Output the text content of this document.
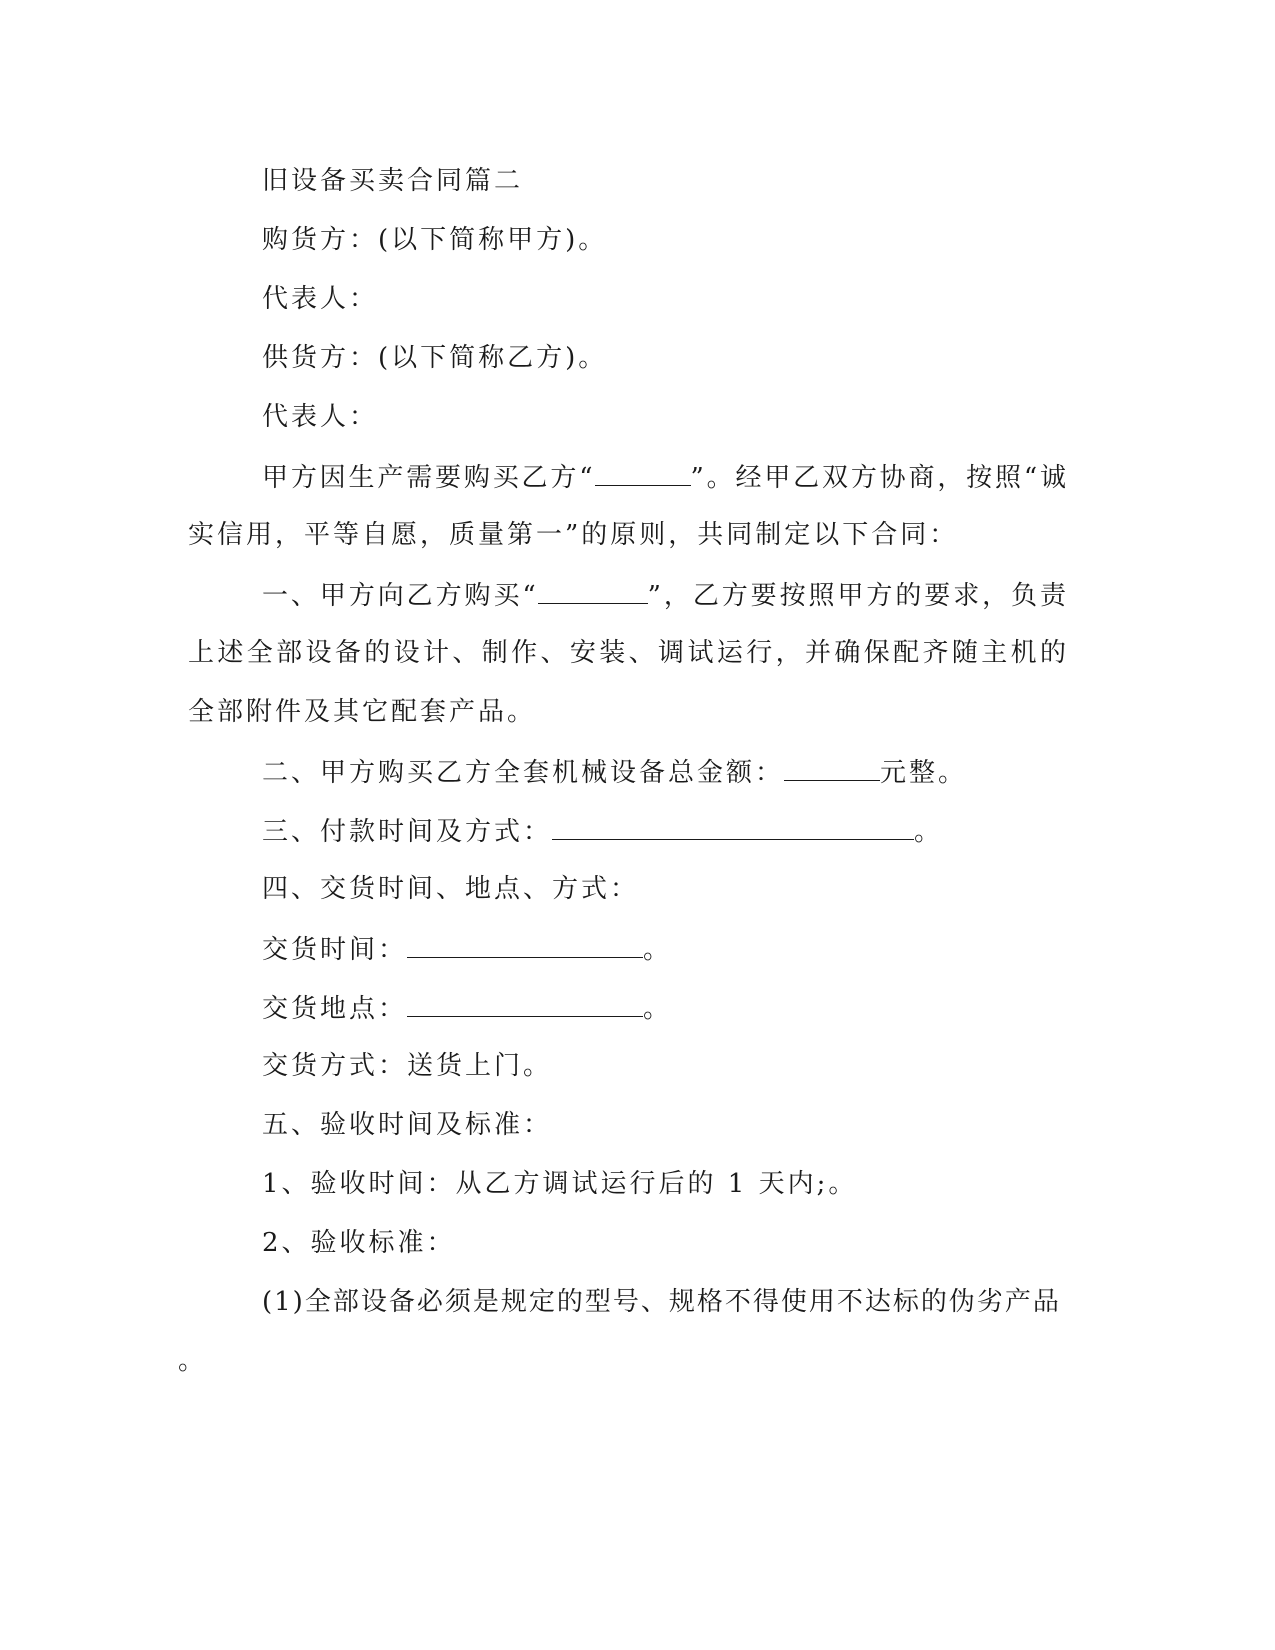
旧设备买卖合同篇二
购货方：(以下简称甲方)。
代表人：
供货方：(以下简称乙方)。
代表人：
甲方因生产需要购买乙方“	”。经甲乙双方协商，按照“诚
实信用，平等自愿，质量第一”的原则，共同制定以下合同：
一、甲方向乙方购买“	”，乙方要按照甲方的要求，负责
上述全部设备的设计、制作、安装、调试运行，并确保配齐随主机的
全部附件及其它配套产品。
二、甲方购买乙方全套机械设备总金额：	元整。
三、付款时间及方式：	。
四、交货时间、地点、方式：
交货时间：	。
交货地点：	。
交货方式：送货上门。
五、验收时间及标准：
1、验收时间：从乙方调试运行后的 1 天内;。
2、验收标准：
(1)全部设备必须是规定的型号、规格不得使用不达标的伪劣产品
。
